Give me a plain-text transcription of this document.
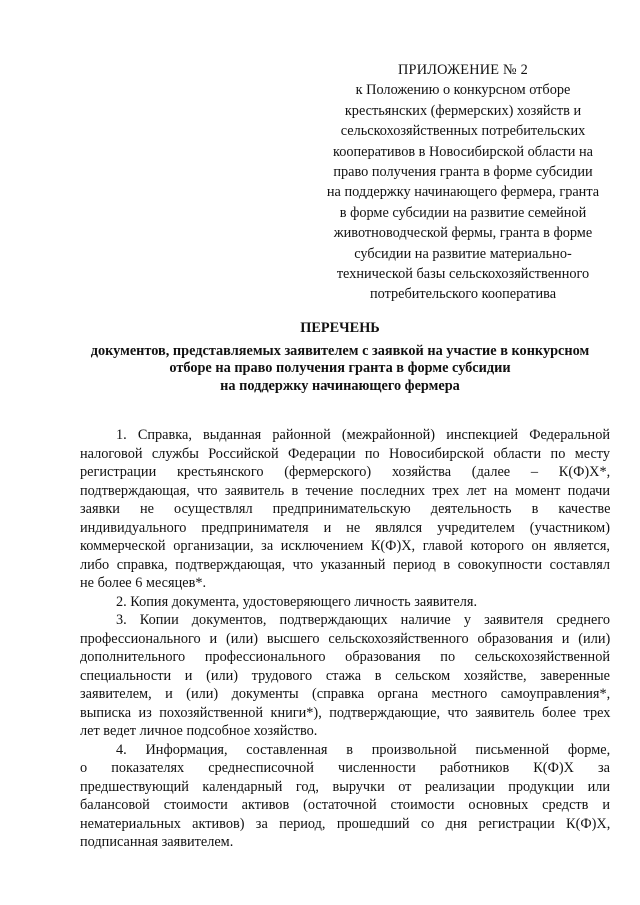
ПРИЛОЖЕНИЕ № 2
к Положению о конкурсном отборе
крестьянских (фермерских) хозяйств и
сельскохозяйственных потребительских
кооперативов в Новосибирской области на
право получения гранта в форме субсидии
на поддержку начинающего фермера, гранта
в форме субсидии на развитие семейной
животноводческой фермы, гранта в форме
субсидии на развитие материально-
технической базы сельскохозяйственного
потребительского кооператива
ПЕРЕЧЕНЬ
документов, представляемых заявителем с заявкой на участие в конкурсном
отборе на право получения гранта в форме субсидии
на поддержку начинающего фермера
1. Справка, выданная районной (межрайонной) инспекцией Федеральной
налоговой службы Российской Федерации по Новосибирской области по месту
регистрации крестьянского (фермерского) хозяйства (далее – К(Ф)Х*,
подтверждающая, что заявитель в течение последних трех лет на момент подачи
заявки не осуществлял предпринимательскую деятельность в качестве
индивидуального предпринимателя и не являлся учредителем (участником)
коммерческой организации, за исключением К(Ф)Х, главой которого он является,
либо справка, подтверждающая, что указанный период в совокупности составлял
не более 6 месяцев*.
2. Копия документа, удостоверяющего личность заявителя.
3. Копии документов, подтверждающих наличие у заявителя среднего
профессионального и (или) высшего сельскохозяйственного образования и (или)
дополнительного профессионального образования по сельскохозяйственной
специальности и (или) трудового стажа в сельском хозяйстве, заверенные
заявителем, и (или) документы (справка органа местного самоуправления*,
выписка из похозяйственной книги*), подтверждающие, что заявитель более трех
лет ведет личное подсобное хозяйство.
4. Информация, составленная в произвольной письменной форме,
о показателях среднесписочной численности работников К(Ф)Х за
предшествующий календарный год, выручки от реализации продукции или
балансовой стоимости активов (остаточной стоимости основных средств и
нематериальных активов) за период, прошедший со дня регистрации К(Ф)Х,
подписанная заявителем.
